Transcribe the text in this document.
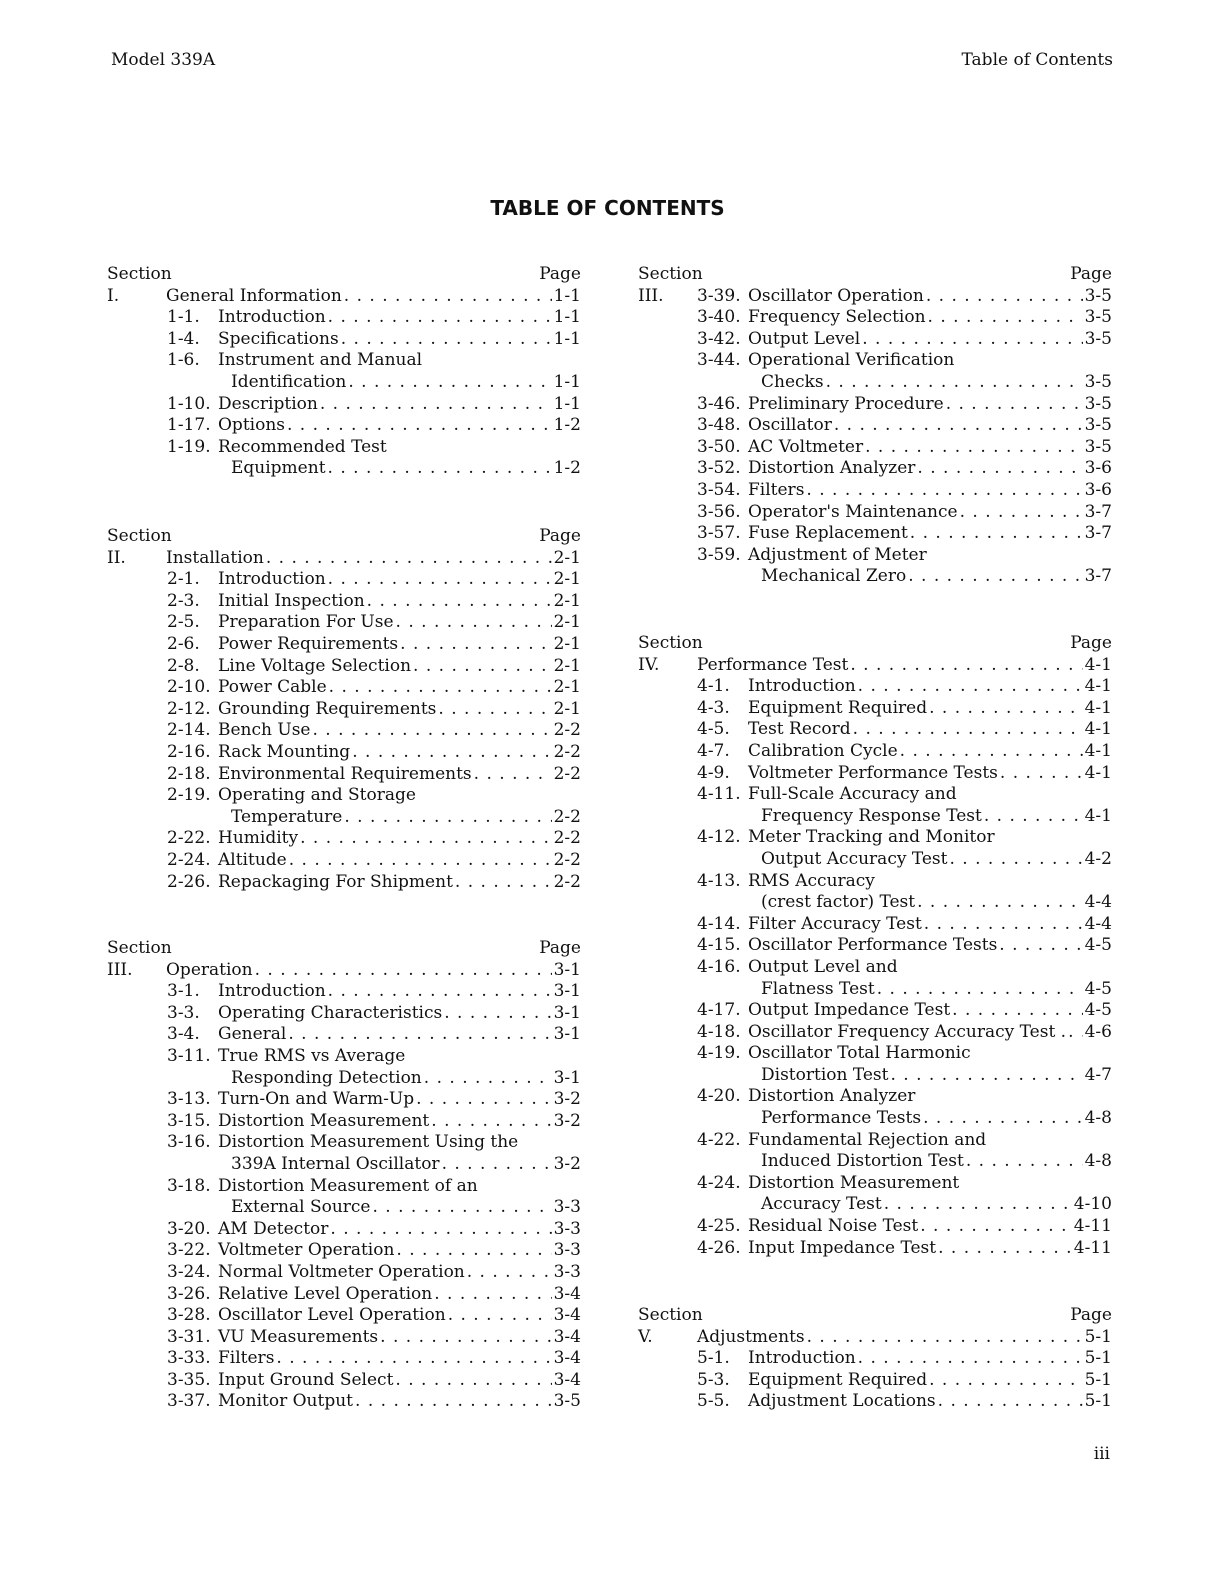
Model 339A	Table of Contents
TABLE OF CONTENTS
Section	Page
I.	General Information . . .	1-1
1-1.	Introduction . . .	1-1
1-4.	Specifications . . .	1-1
1-6.	Instrument and Manual
Identification . . .	1-1
1-10. Description . . .	1-1
1-17. Options . . .	1-2
1-19. Recommended Test
Equipment . . .	1-2
Section	Page
II.	Installation . . .	2-1
2-1.	Introduction . . .	2-1
2-3.	Initial Inspection . . .	2-1
2-5.	Preparation For Use . . .	2-1
2-6.	Power Requirements . . .	2-1
2-8.	Line Voltage Selection . . .	2-1
2-10. Power Cable . . .	2-1
2-12. Grounding Requirements . . .	2-1
2-14. Bench Use . . .	2-2
2-16. Rack Mounting . . .	2-2
2-18. Environmental Requirements . . .	2-2
2-19. Operating and Storage
Temperature . . .	2-2
2-22. Humidity . . .	2-2
2-24. Altitude . . .	2-2
2-26. Repackaging For Shipment . . .	2-2
Section	Page
III.	Operation . . .	3-1
3-1.	Introduction . . .	3-1
3-3.	Operating Characteristics . . .	3-1
3-4.	General . . .	3-1
3-11. True RMS vs Average
Responding Detection . . .	3-1
3-13. Turn-On and Warm-Up . . .	3-2
3-15. Distortion Measurement . . .	3-2
3-16. Distortion Measurement Using the
339A Internal Oscillator . . .	3-2
3-18. Distortion Measurement of an
External Source . . .	3-3
3-20. AM Detector . . .	3-3
3-22. Voltmeter Operation . . .	3-3
3-24. Normal Voltmeter Operation . . .	3-3
3-26. Relative Level Operation . . .	3-4
3-28. Oscillator Level Operation . . .	3-4
3-31. VU Measurements . . .	3-4
3-33. Filters . . .	3-4
3-35. Input Ground Select . . .	3-4
3-37. Monitor Output . . .	3-5
Section	Page
III.	3-39. Oscillator Operation . . .	3-5
3-40. Frequency Selection . . .	3-5
3-42. Output Level . . .	3-5
3-44. Operational Verification
Checks . . .	3-5
3-46. Preliminary Procedure . . .	3-5
3-48. Oscillator . . .	3-5
3-50. AC Voltmeter . . .	3-5
3-52. Distortion Analyzer . . .	3-6
3-54. Filters . . .	3-6
3-56. Operator's Maintenance . . .	3-7
3-57. Fuse Replacement . . .	3-7
3-59. Adjustment of Meter
Mechanical Zero . . .	3-7
Section	Page
IV.	Performance Test . . .	4-1
4-1.	Introduction . . .	4-1
4-3.	Equipment Required . . .	4-1
4-5.	Test Record . . .	4-1
4-7.	Calibration Cycle . . .	4-1
4-9.	Voltmeter Performance Tests . . .	4-1
4-11. Full-Scale Accuracy and
Frequency Response Test . . .	4-1
4-12. Meter Tracking and Monitor
Output Accuracy Test . . .	4-2
4-13. RMS Accuracy
(crest factor) Test . . .	4-4
4-14. Filter Accuracy Test . . .	4-4
4-15. Oscillator Performance Tests . . .	4-5
4-16. Output Level and
Flatness Test . . .	4-5
4-17. Output Impedance Test . . .	4-5
4-18. Oscillator Frequency Accuracy Test . . . . 4-6
4-19. Oscillator Total Harmonic
Distortion Test . . .	4-7
4-20. Distortion Analyzer
Performance Tests . . .	4-8
4-22. Fundamental Rejection and
Induced Distortion Test . . .	4-8
4-24. Distortion Measurement
Accuracy Test . . .	4-10
4-25. Residual Noise Test . . .	4-11
4-26. Input Impedance Test . . .	4-11
Section	Page
V.	Adjustments . . .	5-1
5-1.	Introduction . . .	5-1
5-3.	Equipment Required . . .	5-1
5-5.	Adjustment Locations . . .	5-1
iii
